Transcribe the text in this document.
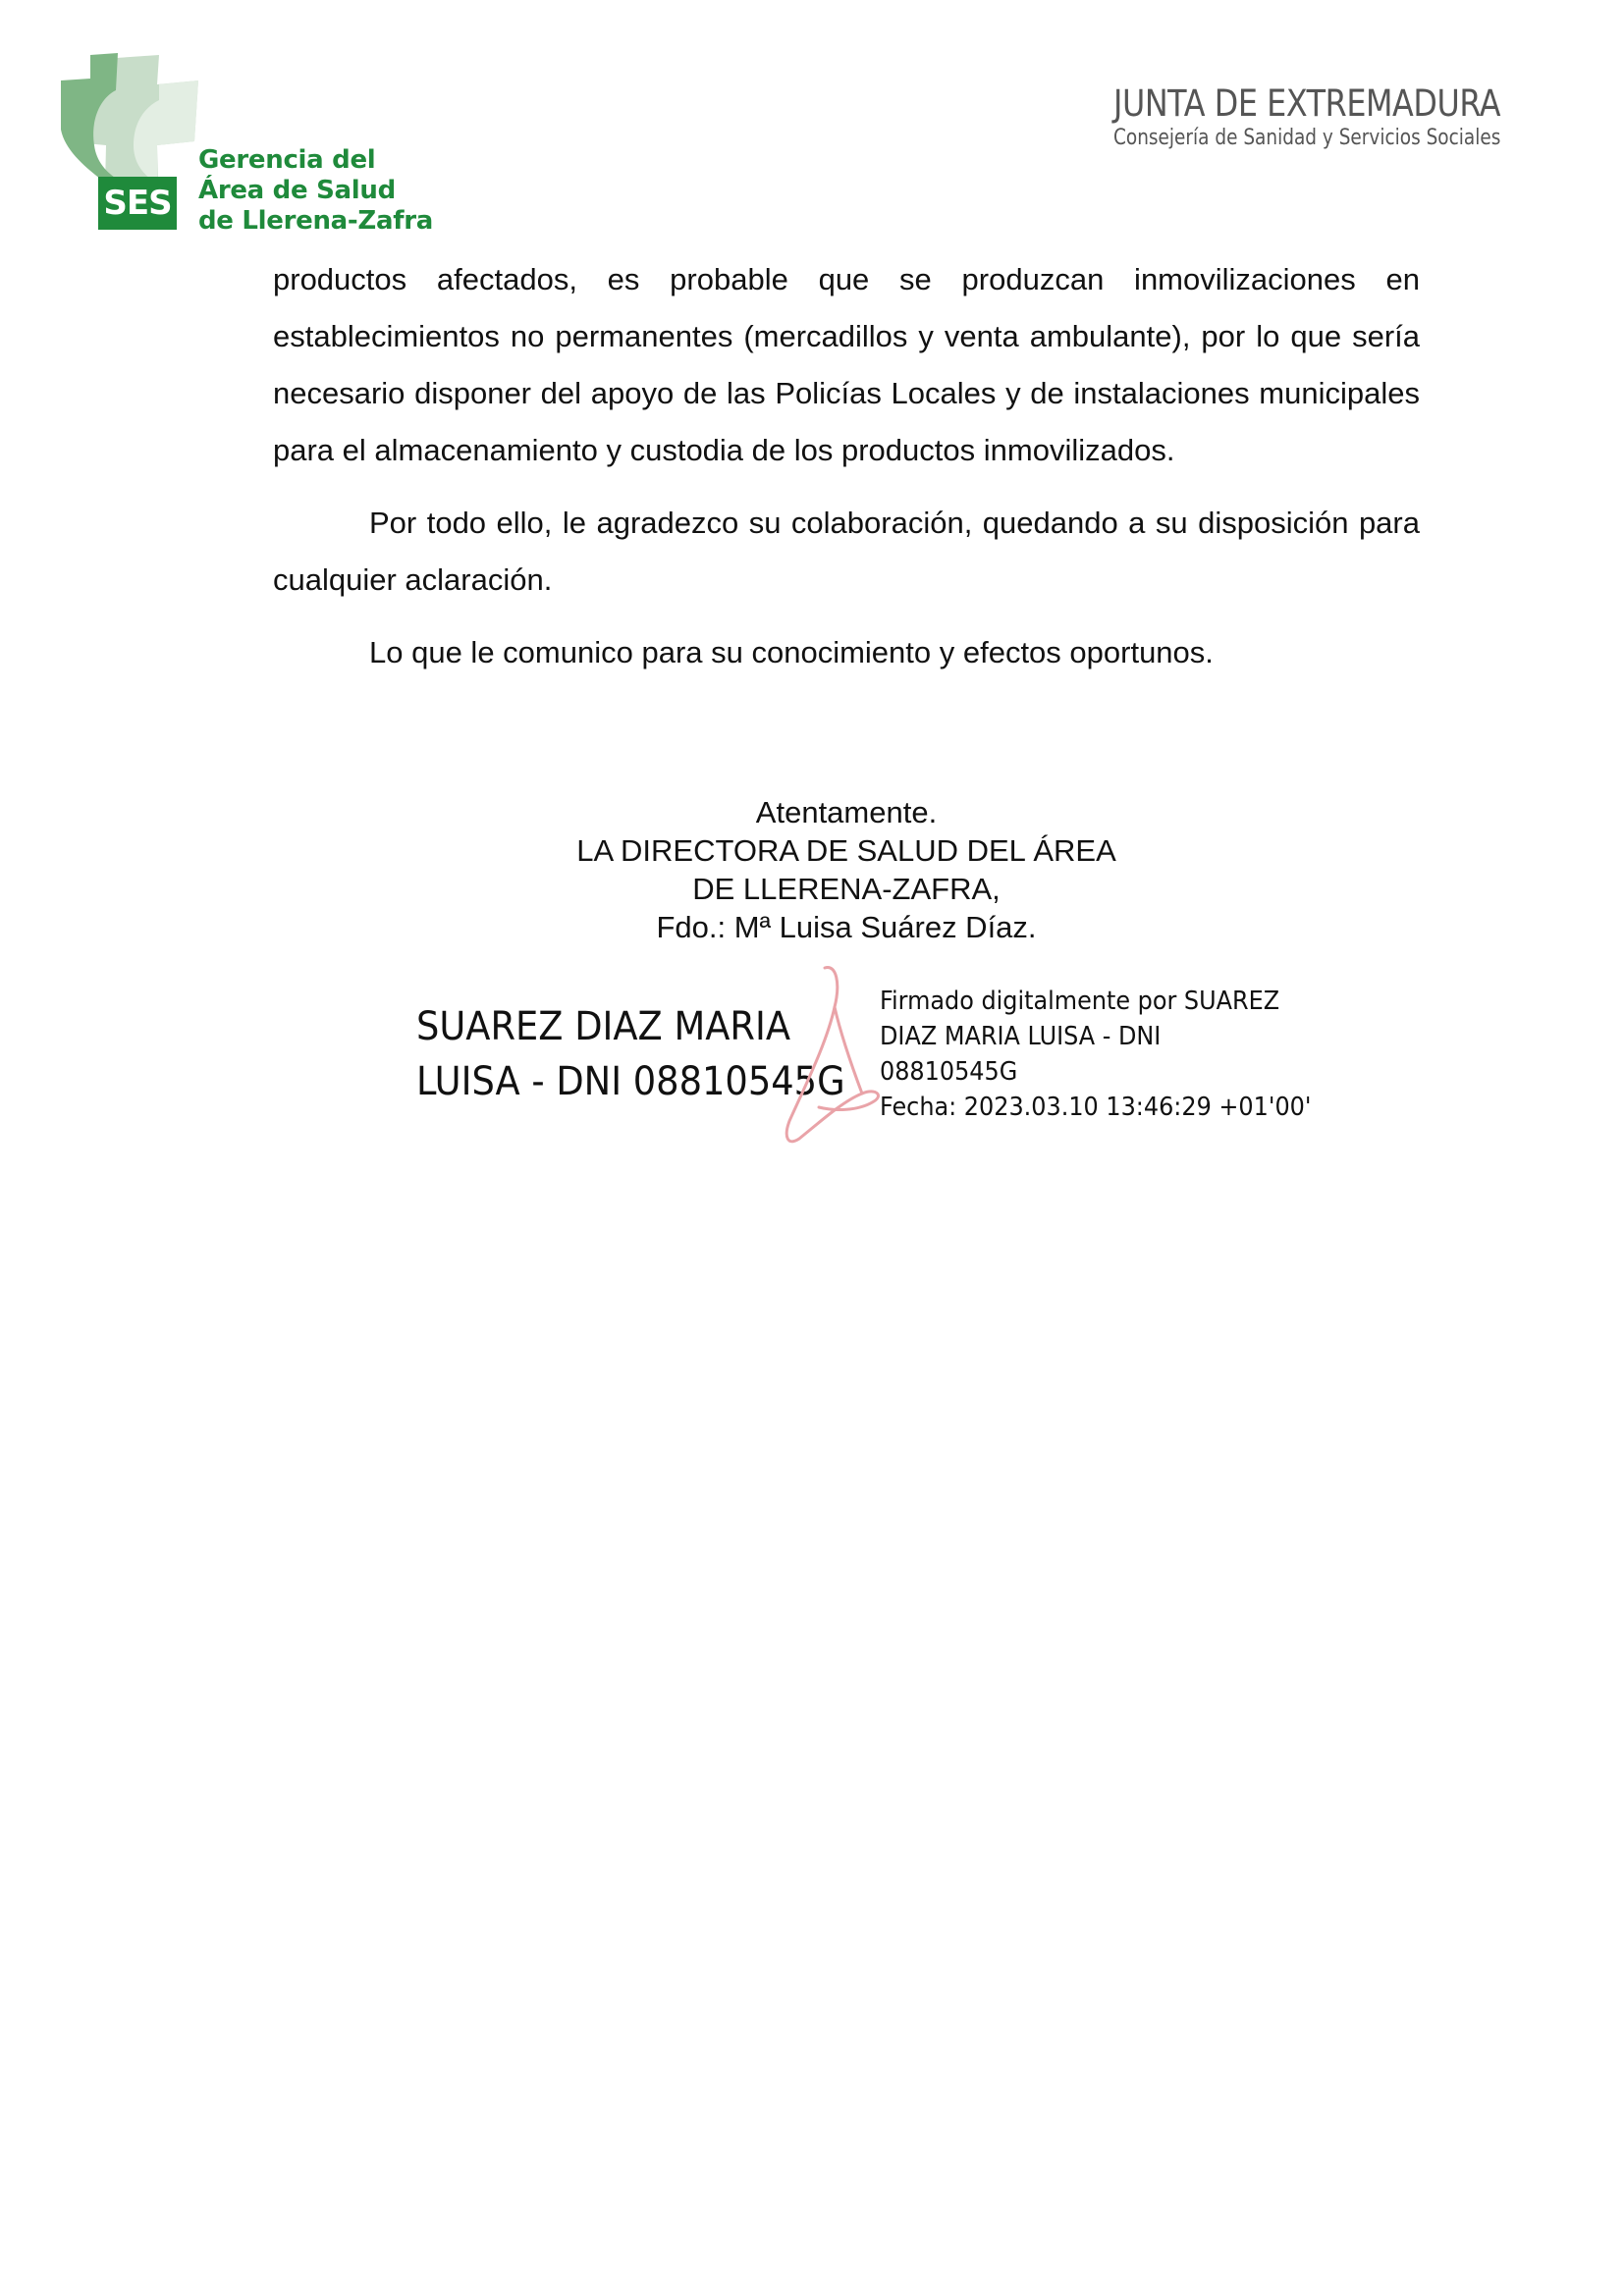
SES
Gerencia del
Área de Salud
de Llerena-Zafra
JUNTA DE EXTREMADURA
Consejería de Sanidad y Servicios Sociales

productos afectados, es probable que se produzcan inmovilizaciones en establecimientos no permanentes (mercadillos y venta ambulante), por lo que sería necesario disponer del apoyo de las Policías Locales y de instalaciones municipales para el almacenamiento y custodia de los productos inmovilizados.

Por todo ello, le agradezco su colaboración, quedando a su disposición para cualquier aclaración.

Lo que le comunico para su conocimiento y efectos oportunos.

Atentamente.
LA DIRECTORA DE SALUD DEL ÁREA
DE LLERENA-ZAFRA,
Fdo.: Mª Luisa Suárez Díaz.
SUAREZ DIAZ MARIA
LUISA - DNI 08810545G
Firmado digitalmente por SUAREZ
DIAZ MARIA LUISA - DNI
08810545G
Fecha: 2023.03.10 13:46:29 +01'00'
